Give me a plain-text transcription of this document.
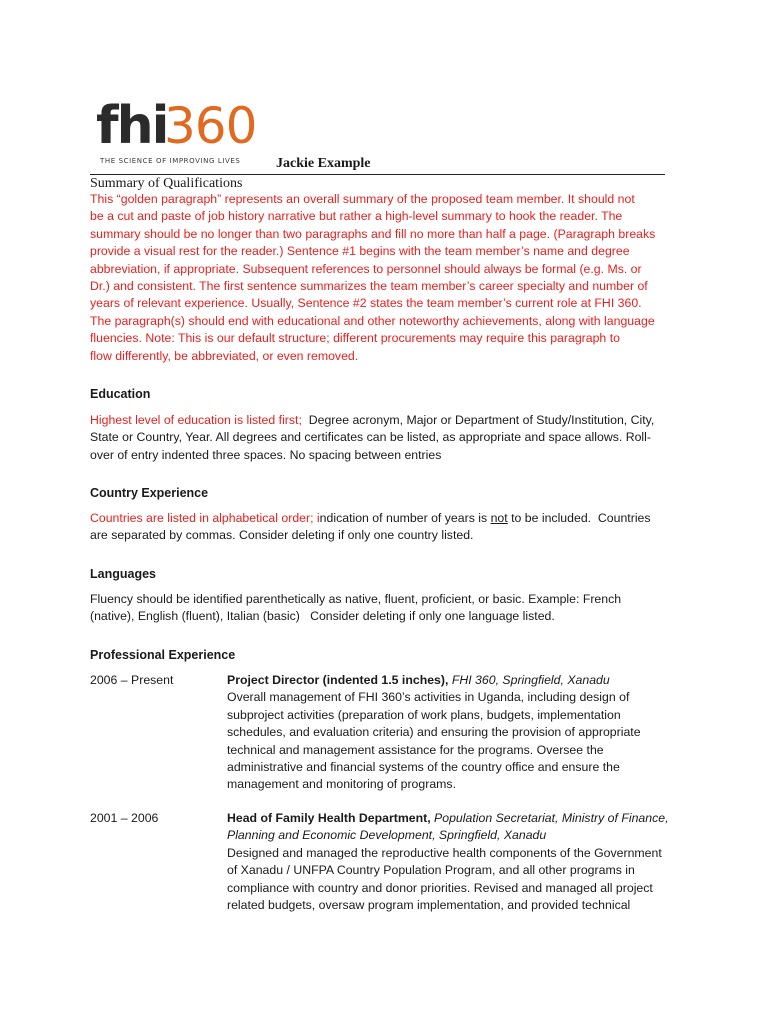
fhi
360
THE SCIENCE OF IMPROVING LIVES	Jackie Example
Summary of Qualifications
This “golden paragraph” represents an overall summary of the proposed team member. It should not
be a cut and paste of job history narrative but rather a high-level summary to hook the reader. The
summary should be no longer than two paragraphs and fill no more than half a page. (Paragraph breaks
provide a visual rest for the reader.) Sentence #1 begins with the team member’s name and degree
abbreviation, if appropriate. Subsequent references to personnel should always be formal (e.g. Ms. or
Dr.) and consistent. The first sentence summarizes the team member’s career specialty and number of
years of relevant experience. Usually, Sentence #2 states the team member’s current role at FHI 360.
The paragraph(s) should end with educational and other noteworthy achievements, along with language
fluencies. Note: This is our default structure; different procurements may require this paragraph to
flow differently, be abbreviated, or even removed.
Education
Highest level of education is listed first;  Degree acronym, Major or Department of Study/Institution, City,
State or Country, Year. All degrees and certificates can be listed, as appropriate and space allows. Roll-
over of entry indented three spaces. No spacing between entries
Country Experience
Countries are listed in alphabetical order; indication of number of years is not to be included.  Countries
are separated by commas. Consider deleting if only one country listed.
Languages
Fluency should be identified parenthetically as native, fluent, proficient, or basic. Example: French
(native), English (fluent), Italian (basic)   Consider deleting if only one language listed.
Professional Experience
2006 – Present	Project Director (indented 1.5 inches), FHI 360, Springfield, Xanadu
Overall management of FHI 360’s activities in Uganda, including design of
subproject activities (preparation of work plans, budgets, implementation
schedules, and evaluation criteria) and ensuring the provision of appropriate
technical and management assistance for the programs. Oversee the
administrative and financial systems of the country office and ensure the
management and monitoring of programs.
2001 – 2006	Head of Family Health Department, Population Secretariat, Ministry of Finance,
Planning and Economic Development, Springfield, Xanadu
Designed and managed the reproductive health components of the Government
of Xanadu / UNFPA Country Population Program, and all other programs in
compliance with country and donor priorities. Revised and managed all project
related budgets, oversaw program implementation, and provided technical
